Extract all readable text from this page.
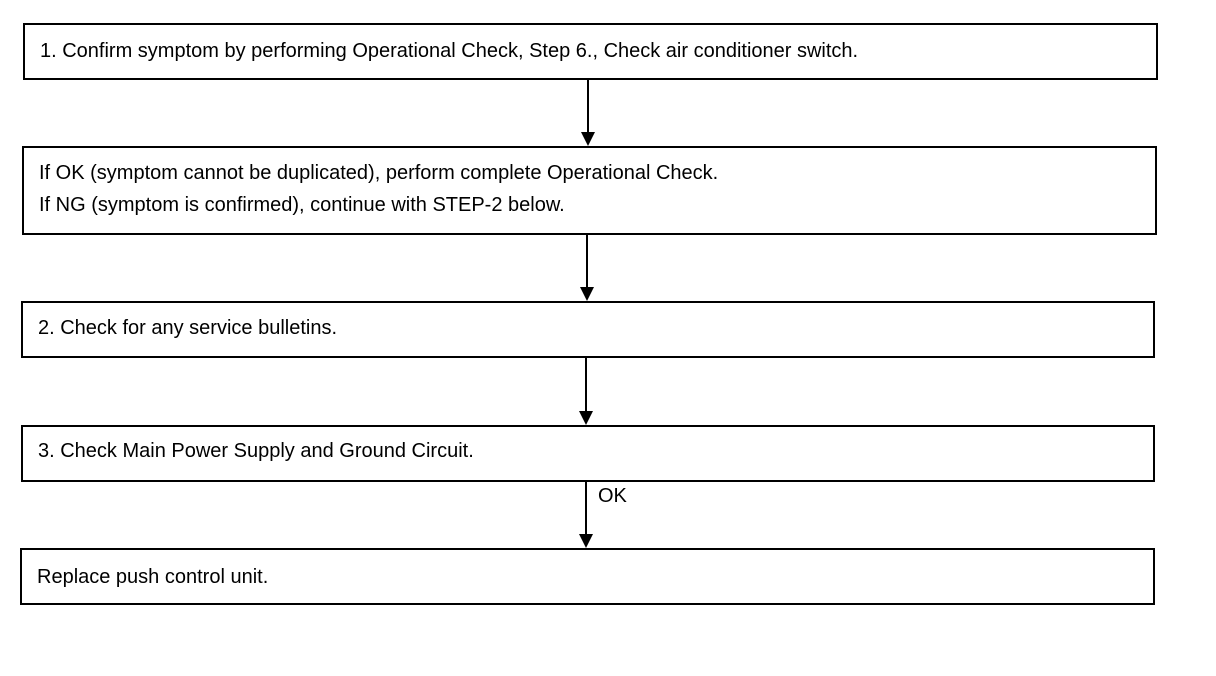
1. Confirm symptom by performing Operational Check, Step 6., Check air conditioner switch.
If OK (symptom cannot be duplicated), perform complete Operational Check.
If NG (symptom is confirmed), continue with STEP-2 below.
2. Check for any service bulletins.
3. Check Main Power Supply and Ground Circuit.
OK
Replace push control unit.
